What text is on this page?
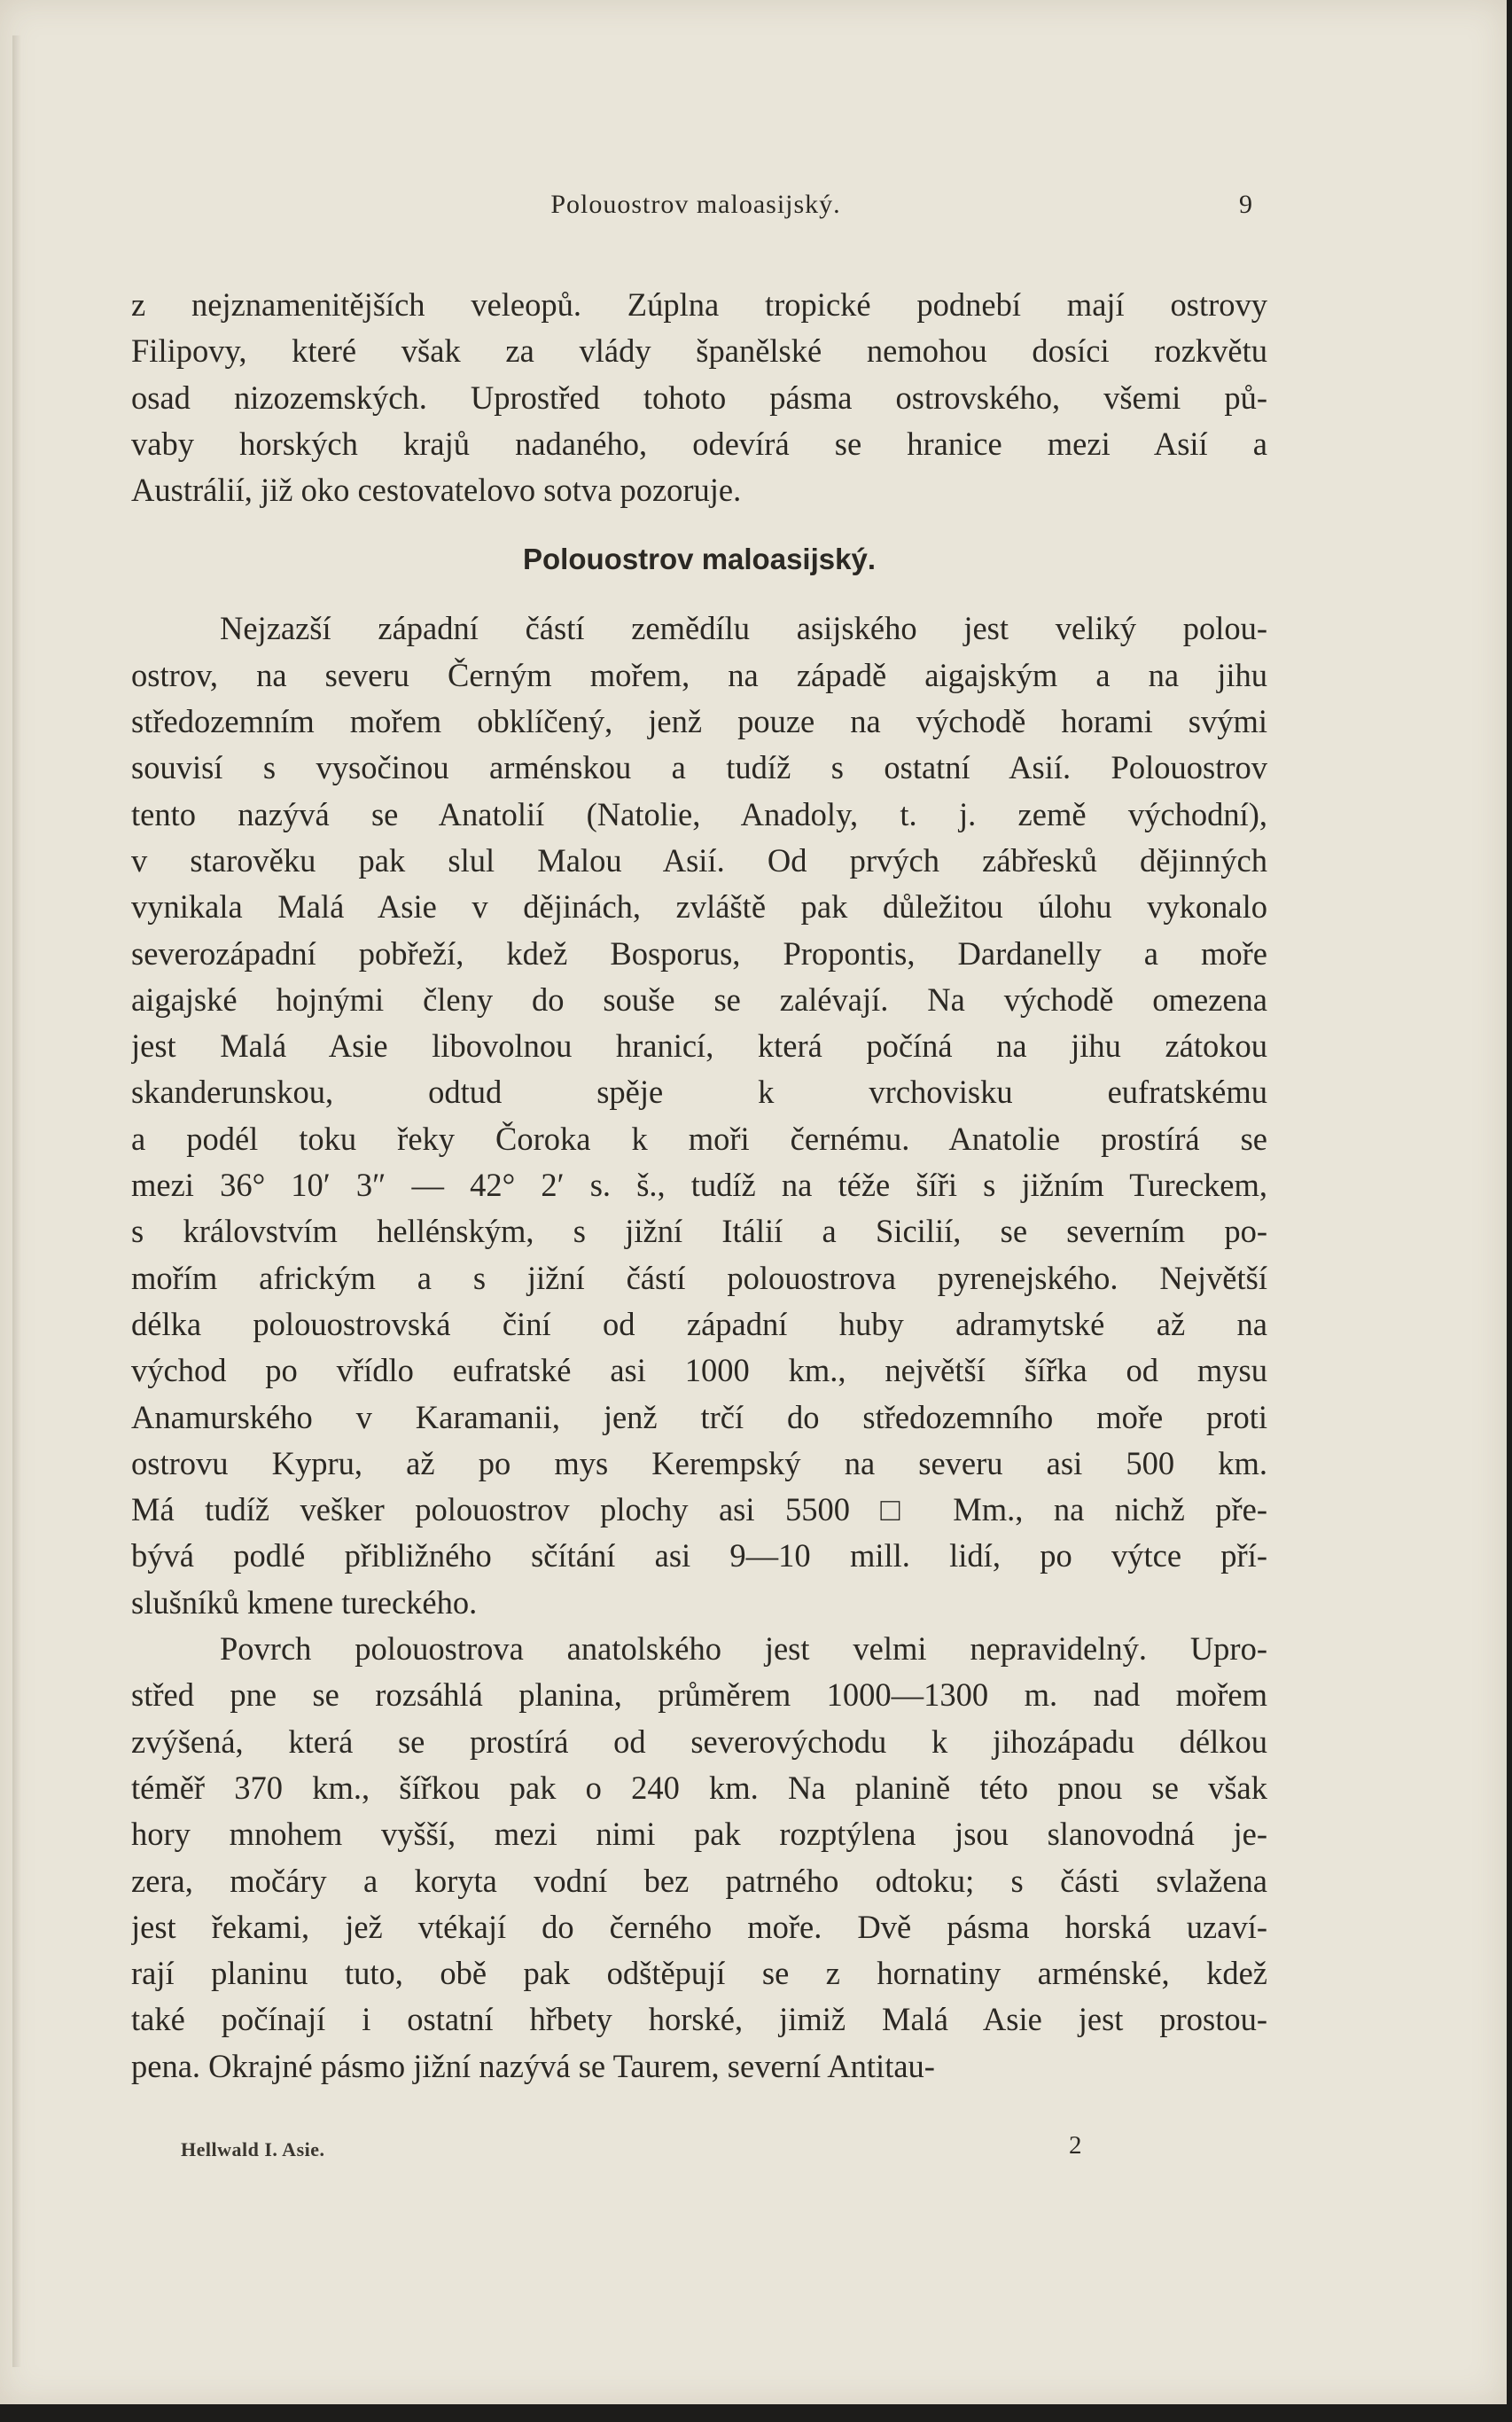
Polouostrov maloasijský.	9
z nejznamenitějších veleopů. Zúplna tropické podnebí mají ostrovy
Filipovy, které však za vlády španělské nemohou dosíci rozkvětu
osad nizozemských. Uprostřed tohoto pásma ostrovského, všemi pů-
vaby horských krajů nadaného, odevírá se hranice mezi Asií a
Austrálií, již oko cestovatelovo sotva pozoruje.
Polouostrov maloasijský.
Nejzazší západní částí zemědílu asijského jest veliký polou-
ostrov, na severu Černým mořem, na západě aigajským a na jihu
středozemním mořem obklíčený, jenž pouze na východě horami svými
souvisí s vysočinou arménskou a tudíž s ostatní Asií. Polouostrov
tento nazývá se Anatolií (Natolie, Anadoly, t. j. země východní),
v starověku pak slul Malou Asií. Od prvých zábřesků dějinných
vynikala Malá Asie v dějinách, zvláště pak důležitou úlohu vykonalo
severozápadní pobřeží, kdež Bosporus, Propontis, Dardanelly a moře
aigajské hojnými členy do souše se zalévají. Na východě omezena
jest Malá Asie libovolnou hranicí, která počíná na jihu zátokou
skanderunskou, odtud spěje k vrchovisku eufratskému
a podél toku řeky Čoroka k moři černému. Anatolie prostírá se
mezi 36° 10′ 3″ — 42° 2′ s. š., tudíž na téže šíři s jižním Tureckem,
s královstvím hellénským, s jižní Itálií a Sicilií, se severním po-
mořím africkým a s jižní částí polouostrova pyrenejského. Největší
délka polouostrovská činí od západní huby adramytské až na
východ po vřídlo eufratské asi 1000 km., největší šířka od mysu
Anamurského v Karamanii, jenž trčí do středozemního moře proti
ostrovu Kypru, až po mys Kerempský na severu asi 500 km.
Má tudíž vešker polouostrov plochy asi 5500 □ Mm., na nichž pře-
bývá podlé přibližného sčítání asi 9—10 mill. lidí, po výtce pří-
slušníků kmene tureckého.
Povrch polouostrova anatolského jest velmi nepravidelný. Upro-
střed pne se rozsáhlá planina, průměrem 1000—1300 m. nad mořem
zvýšená, která se prostírá od severovýchodu k jihozápadu délkou
téměř 370 km., šířkou pak o 240 km. Na planině této pnou se však
hory mnohem vyšší, mezi nimi pak rozptýlena jsou slanovodná je-
zera, močáry a koryta vodní bez patrného odtoku; s části svlažena
jest řekami, jež vtékají do černého moře. Dvě pásma horská uzaví-
rají planinu tuto, obě pak odštěpují se z hornatiny arménské, kdež
také počínají i ostatní hřbety horské, jimiž Malá Asie jest prostou-
pena. Okrajné pásmo jižní nazývá se Taurem, severní Antitau-
Hellwald I. Asie.	2
